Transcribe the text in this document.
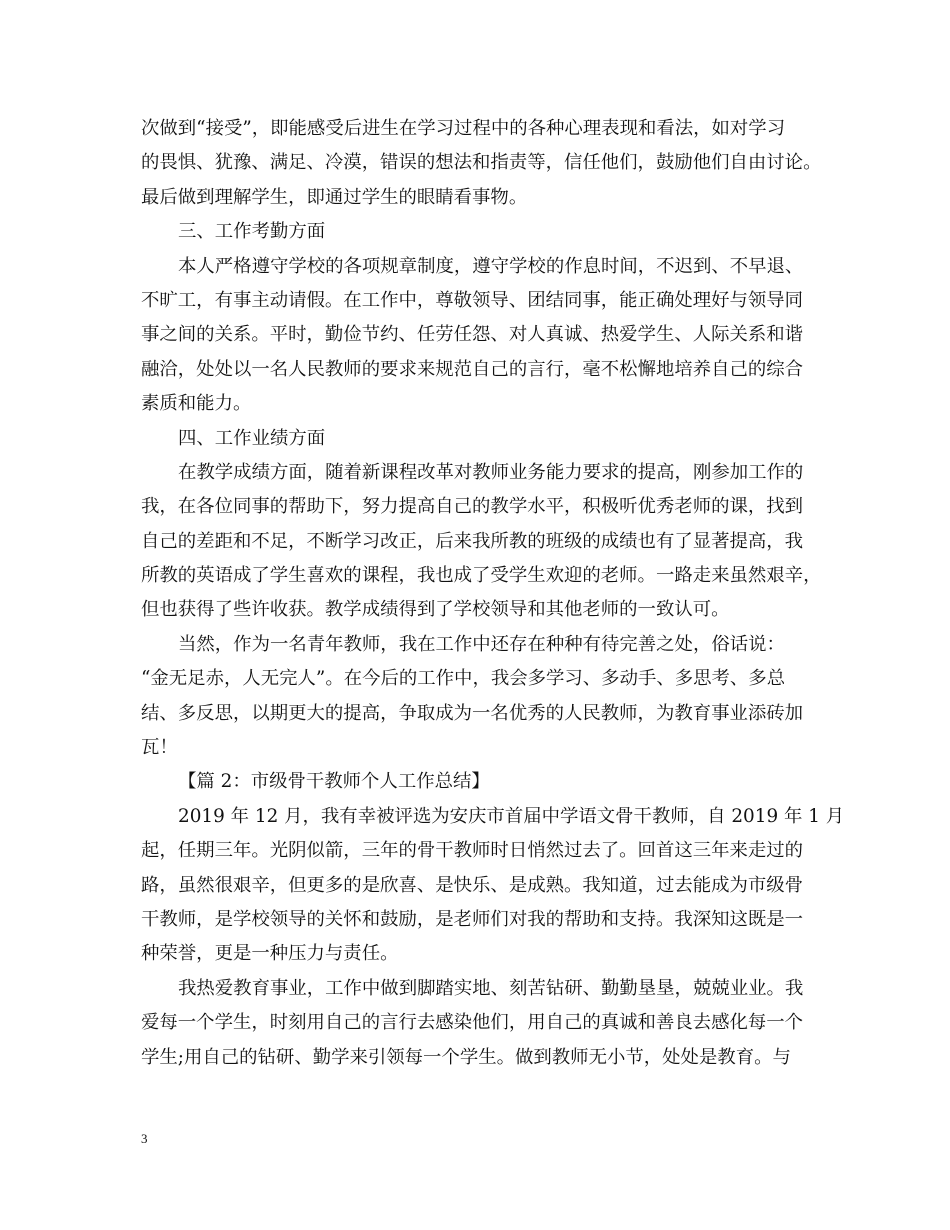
次做到“接受”，即能感受后进生在学习过程中的各种心理表现和看法，如对学习
的畏惧、犹豫、满足、冷漠，错误的想法和指责等，信任他们，鼓励他们自由讨论。
最后做到理解学生，即通过学生的眼睛看事物。
三、工作考勤方面
本人严格遵守学校的各项规章制度，遵守学校的作息时间，不迟到、不早退、
不旷工，有事主动请假。在工作中，尊敬领导、团结同事，能正确处理好与领导同
事之间的关系。平时，勤俭节约、任劳任怨、对人真诚、热爱学生、人际关系和谐
融洽，处处以一名人民教师的要求来规范自己的言行，毫不松懈地培养自己的综合
素质和能力。
四、工作业绩方面
在教学成绩方面，随着新课程改革对教师业务能力要求的提高，刚参加工作的
我，在各位同事的帮助下，努力提高自己的教学水平，积极听优秀老师的课，找到
自己的差距和不足，不断学习改正，后来我所教的班级的成绩也有了显著提高，我
所教的英语成了学生喜欢的课程，我也成了受学生欢迎的老师。一路走来虽然艰辛，
但也获得了些许收获。教学成绩得到了学校领导和其他老师的一致认可。
当然，作为一名青年教师，我在工作中还存在种种有待完善之处，俗话说：
“金无足赤，人无完人”。在今后的工作中，我会多学习、多动手、多思考、多总
结、多反思，以期更大的提高，争取成为一名优秀的人民教师，为教育事业添砖加
瓦！
【篇 2：市级骨干教师个人工作总结】
2019 年 12 月，我有幸被评选为安庆市首届中学语文骨干教师，自 2019 年 1 月
起，任期三年。光阴似箭，三年的骨干教师时日悄然过去了。回首这三年来走过的
路，虽然很艰辛，但更多的是欣喜、是快乐、是成熟。我知道，过去能成为市级骨
干教师，是学校领导的关怀和鼓励，是老师们对我的帮助和支持。我深知这既是一
种荣誉，更是一种压力与责任。
我热爱教育事业，工作中做到脚踏实地、刻苦钻研、勤勤垦垦，兢兢业业。我
爱每一个学生，时刻用自己的言行去感染他们，用自己的真诚和善良去感化每一个
学生;用自己的钻研、勤学来引领每一个学生。做到教师无小节，处处是教育。与
3
